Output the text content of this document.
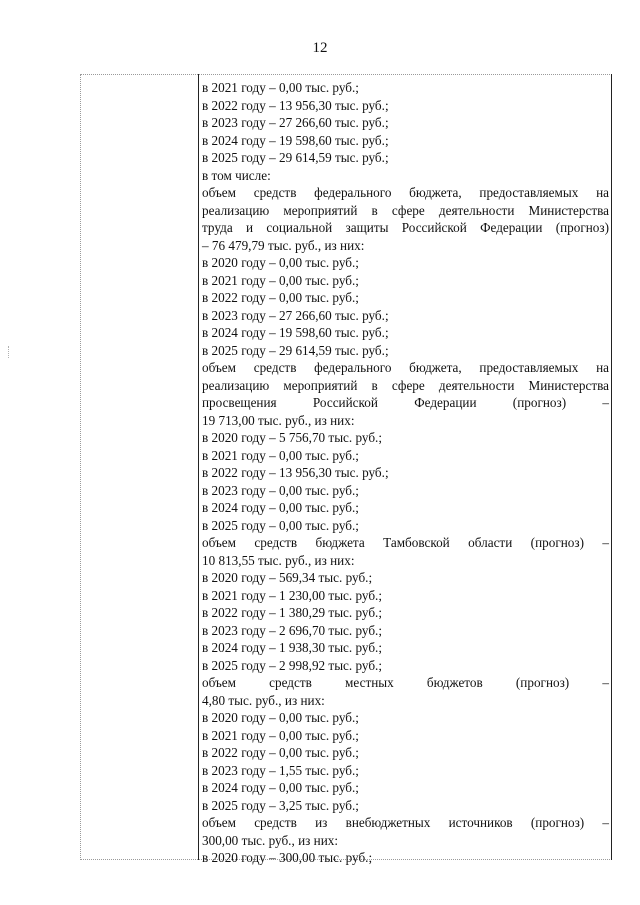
12
в 2021 году – 0,00 тыс. руб.;
в 2022 году – 13 956,30 тыс. руб.;
в 2023 году – 27 266,60 тыс. руб.;
в 2024 году – 19 598,60 тыс. руб.;
в 2025 году – 29 614,59 тыс. руб.;
в том числе:
объем средств федерального бюджета, предоставляемых на
реализацию мероприятий в сфере деятельности Министерства
труда и социальной защиты Российской Федерации (прогноз)
– 76 479,79 тыс. руб., из них:
в 2020 году – 0,00 тыс. руб.;
в 2021 году – 0,00 тыс. руб.;
в 2022 году – 0,00 тыс. руб.;
в 2023 году – 27 266,60 тыс. руб.;
в 2024 году – 19 598,60 тыс. руб.;
в 2025 году – 29 614,59 тыс. руб.;
объем средств федерального бюджета, предоставляемых на
реализацию мероприятий в сфере деятельности Министерства
просвещения Российской Федерации (прогноз) –
19 713,00 тыс. руб., из них:
в 2020 году – 5 756,70 тыс. руб.;
в 2021 году – 0,00 тыс. руб.;
в 2022 году – 13 956,30 тыс. руб.;
в 2023 году – 0,00 тыс. руб.;
в 2024 году – 0,00 тыс. руб.;
в 2025 году – 0,00 тыс. руб.;
объем средств бюджета Тамбовской области (прогноз) –
10 813,55 тыс. руб., из них:
в 2020 году – 569,34 тыс. руб.;
в 2021 году – 1 230,00 тыс. руб.;
в 2022 году – 1 380,29 тыс. руб.;
в 2023 году – 2 696,70 тыс. руб.;
в 2024 году – 1 938,30 тыс. руб.;
в 2025 году – 2 998,92 тыс. руб.;
объем средств местных бюджетов (прогноз) –
4,80 тыс. руб., из них:
в 2020 году – 0,00 тыс. руб.;
в 2021 году – 0,00 тыс. руб.;
в 2022 году – 0,00 тыс. руб.;
в 2023 году – 1,55 тыс. руб.;
в 2024 году – 0,00 тыс. руб.;
в 2025 году – 3,25 тыс. руб.;
объем средств из внебюджетных источников (прогноз) –
300,00 тыс. руб., из них:
в 2020 году – 300,00 тыс. руб.;
